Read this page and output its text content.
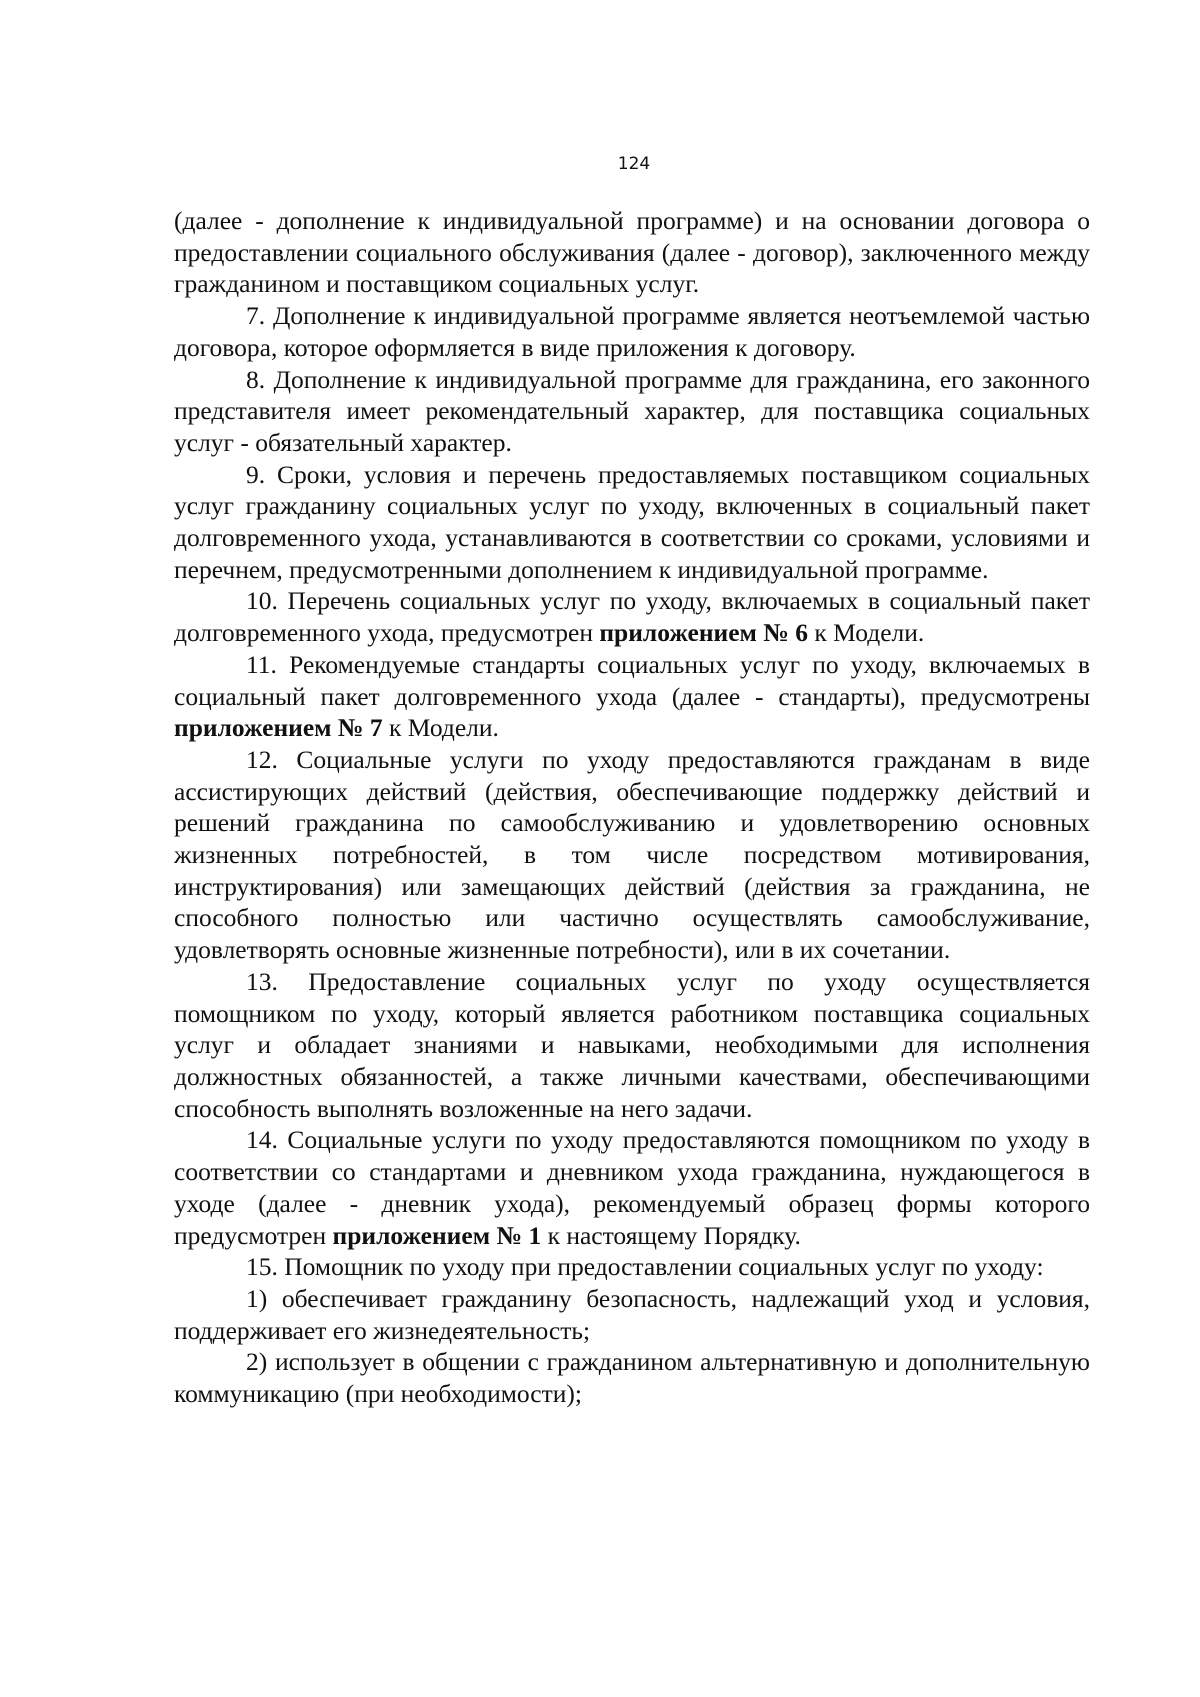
124

(далее - дополнение к индивидуальной программе) и на основании договора о предоставлении социального обслуживания (далее - договор), заключенного между гражданином и поставщиком социальных услуг.

7. Дополнение к индивидуальной программе является неотъемлемой частью договора, которое оформляется в виде приложения к договору.

8. Дополнение к индивидуальной программе для гражданина, его законного представителя имеет рекомендательный характер, для поставщика социальных услуг - обязательный характер.

9. Сроки, условия и перечень предоставляемых поставщиком социальных услуг гражданину социальных услуг по уходу, включенных в социальный пакет долговременного ухода, устанавливаются в соответствии со сроками, условиями и перечнем, предусмотренными дополнением к индивидуальной программе.

10. Перечень социальных услуг по уходу, включаемых в социальный пакет долговременного ухода, предусмотрен приложением № 6 к Модели.

11. Рекомендуемые стандарты социальных услуг по уходу, включаемых в социальный пакет долговременного ухода (далее - стандарты), предусмотрены приложением № 7 к Модели.

12. Социальные услуги по уходу предоставляются гражданам в виде ассистирующих действий (действия, обеспечивающие поддержку действий и решений гражданина по самообслуживанию и удовлетворению основных жизненных потребностей, в том числе посредством мотивирования, инструктирования) или замещающих действий (действия за гражданина, не способного полностью или частично осуществлять самообслуживание, удовлетворять основные жизненные потребности), или в их сочетании.

13. Предоставление социальных услуг по уходу осуществляется помощником по уходу, который является работником поставщика социальных услуг и обладает знаниями и навыками, необходимыми для исполнения должностных обязанностей, а также личными качествами, обеспечивающими способность выполнять возложенные на него задачи.

14. Социальные услуги по уходу предоставляются помощником по уходу в соответствии со стандартами и дневником ухода гражданина, нуждающегося в уходе (далее - дневник ухода), рекомендуемый образец формы которого предусмотрен приложением № 1 к настоящему Порядку.

15. Помощник по уходу при предоставлении социальных услуг по уходу:

1) обеспечивает гражданину безопасность, надлежащий уход и условия, поддерживает его жизнедеятельность;

2) использует в общении с гражданином альтернативную и дополнительную коммуникацию (при необходимости);
